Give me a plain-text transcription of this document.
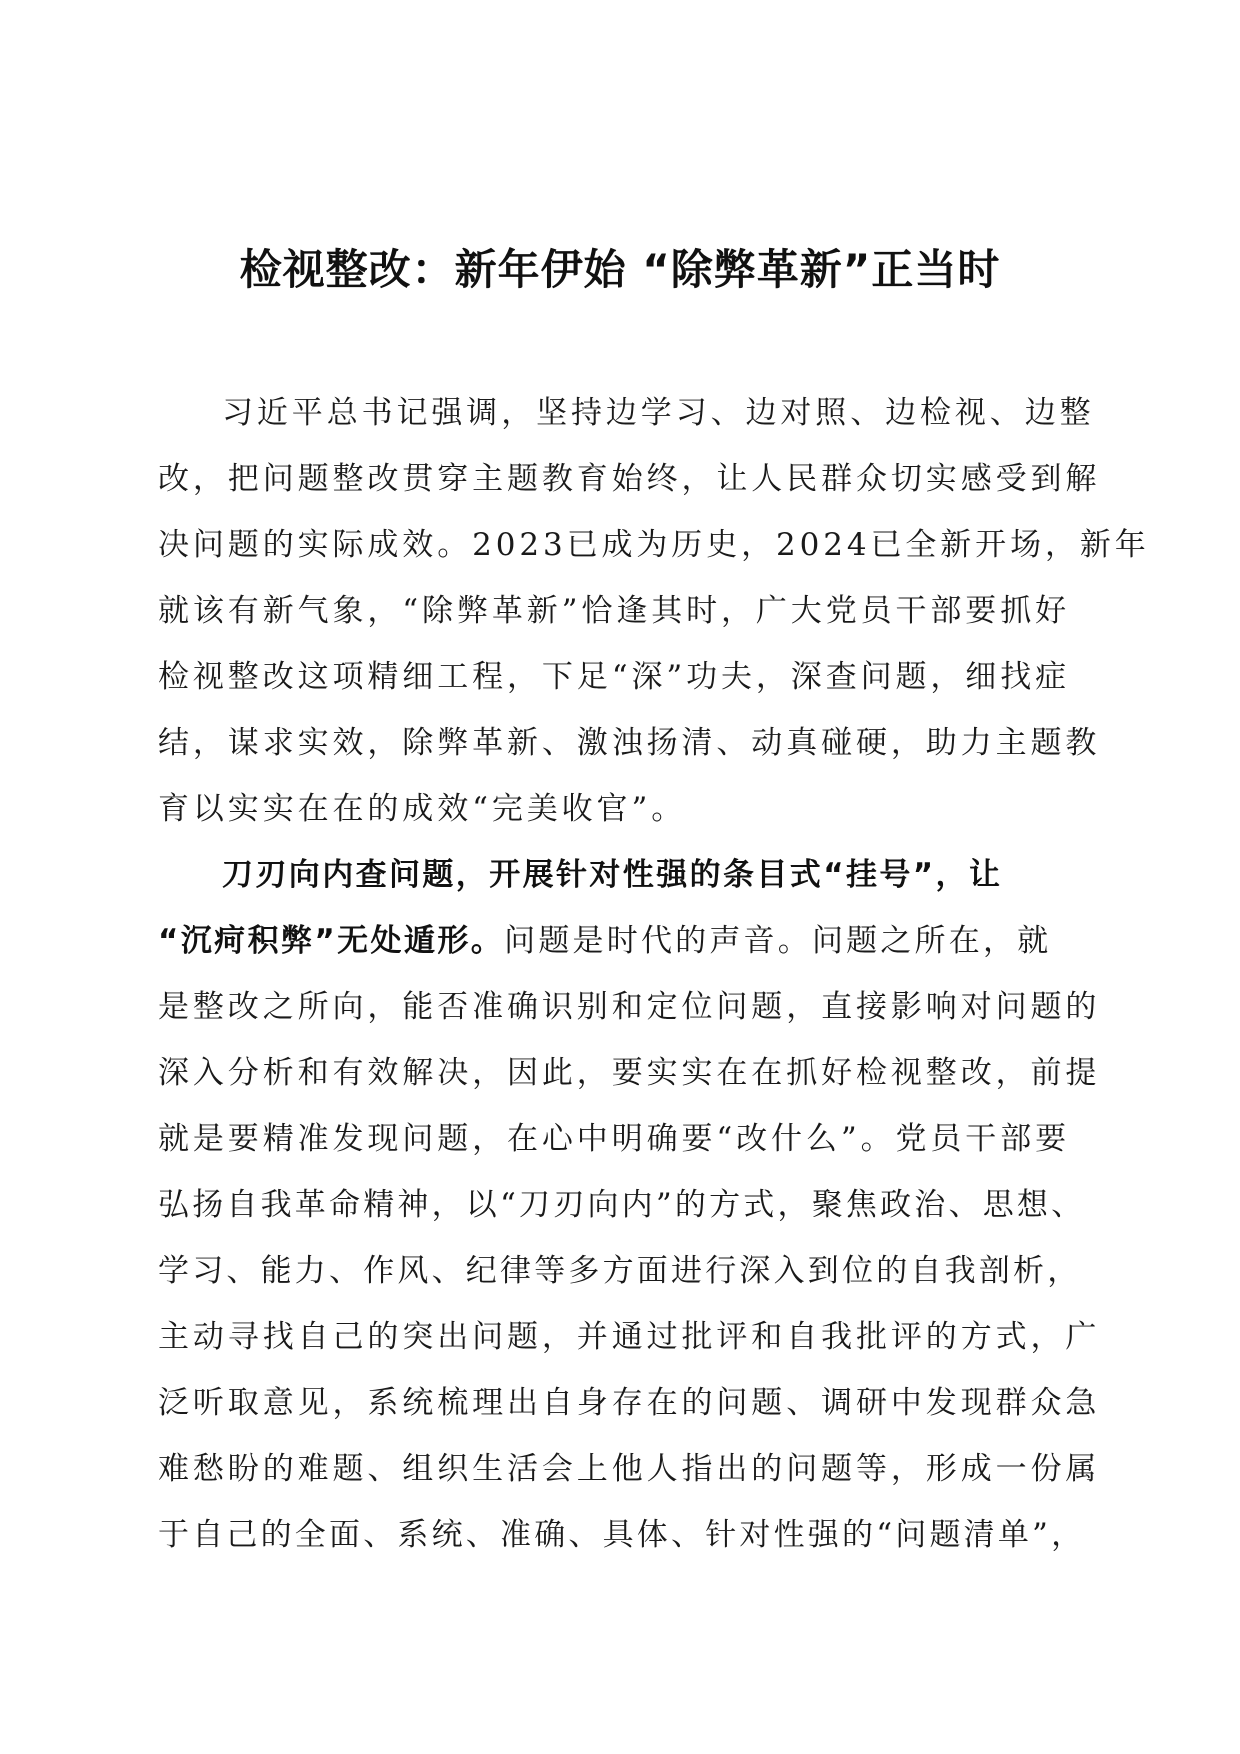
检视整改：新年伊始 “除弊革新”正当时
习近平总书记强调，坚持边学习、边对照、边检视、边整
改，把问题整改贯穿主题教育始终，让人民群众切实感受到解
决问题的实际成效。2023已成为历史，2024已全新开场，新年
就该有新气象，“除弊革新”恰逢其时，广大党员干部要抓好
检视整改这项精细工程，下足“深”功夫，深查问题，细找症
结，谋求实效，除弊革新、激浊扬清、动真碰硬，助力主题教
育以实实在在的成效“完美收官”。
刀刃向内查问题，开展针对性强的条目式“挂号”，让
“沉疴积弊”无处遁形。问题是时代的声音。问题之所在，就
是整改之所向，能否准确识别和定位问题，直接影响对问题的
深入分析和有效解决，因此，要实实在在抓好检视整改，前提
就是要精准发现问题，在心中明确要“改什么”。党员干部要
弘扬自我革命精神，以“刀刃向内”的方式，聚焦政治、思想、
学习、能力、作风、纪律等多方面进行深入到位的自我剖析，
主动寻找自己的突出问题，并通过批评和自我批评的方式，广
泛听取意见，系统梳理出自身存在的问题、调研中发现群众急
难愁盼的难题、组织生活会上他人指出的问题等，形成一份属
于自己的全面、系统、准确、具体、针对性强的“问题清单”，
